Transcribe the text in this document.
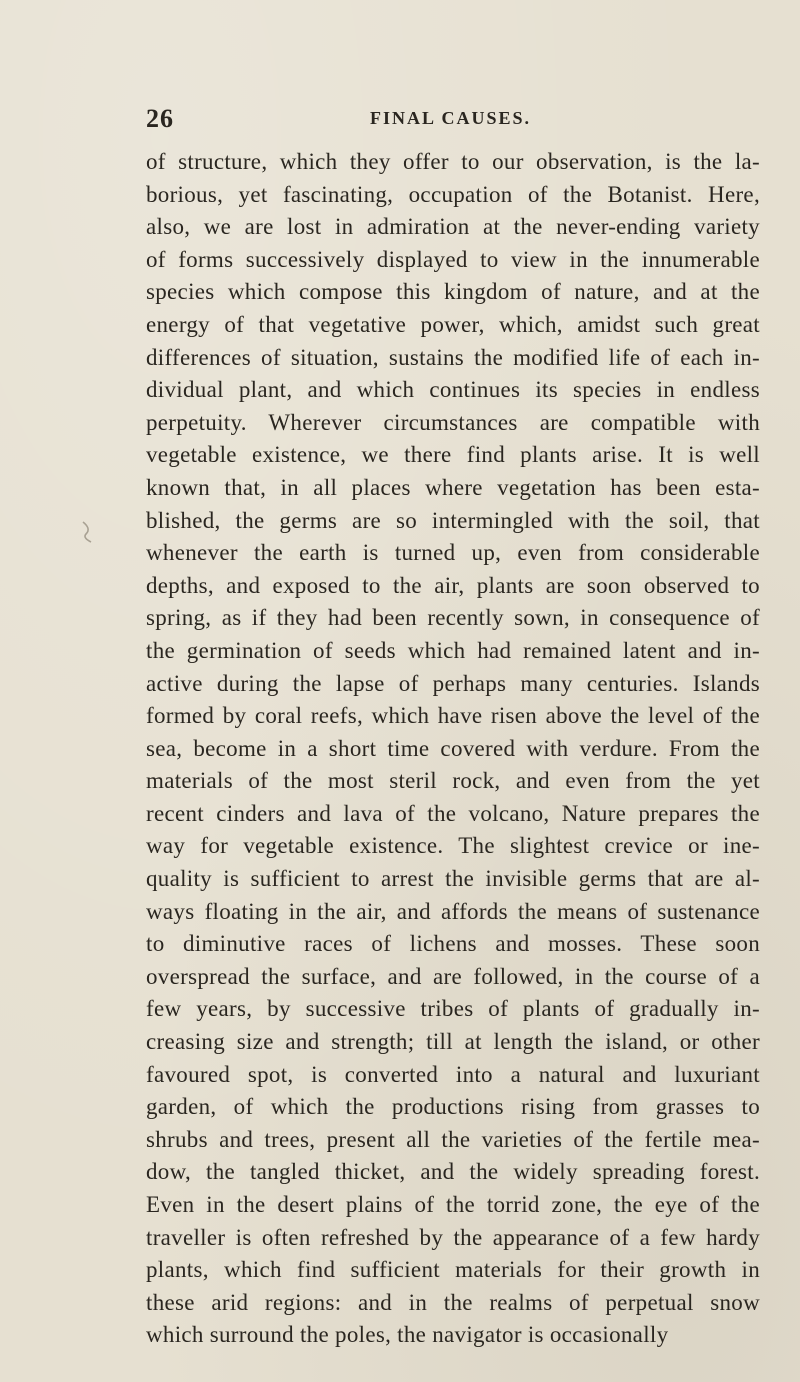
26	FINAL CAUSES.
of structure, which they offer to our observation, is the la-
borious, yet fascinating, occupation of the Botanist. Here,
also, we are lost in admiration at the never-ending variety
of forms successively displayed to view in the innumerable
species which compose this kingdom of nature, and at the
energy of that vegetative power, which, amidst such great
differences of situation, sustains the modified life of each in-
dividual plant, and which continues its species in endless
perpetuity. Wherever circumstances are compatible with
vegetable existence, we there find plants arise. It is well
known that, in all places where vegetation has been esta-
blished, the germs are so intermingled with the soil, that
whenever the earth is turned up, even from considerable
depths, and exposed to the air, plants are soon observed to
spring, as if they had been recently sown, in consequence of
the germination of seeds which had remained latent and in-
active during the lapse of perhaps many centuries. Islands
formed by coral reefs, which have risen above the level of the
sea, become in a short time covered with verdure. From the
materials of the most steril rock, and even from the yet
recent cinders and lava of the volcano, Nature prepares the
way for vegetable existence. The slightest crevice or ine-
quality is sufficient to arrest the invisible germs that are al-
ways floating in the air, and affords the means of sustenance
to diminutive races of lichens and mosses. These soon
overspread the surface, and are followed, in the course of a
few years, by successive tribes of plants of gradually in-
creasing size and strength; till at length the island, or other
favoured spot, is converted into a natural and luxuriant
garden, of which the productions rising from grasses to
shrubs and trees, present all the varieties of the fertile mea-
dow, the tangled thicket, and the widely spreading forest.
Even in the desert plains of the torrid zone, the eye of the
traveller is often refreshed by the appearance of a few hardy
plants, which find sufficient materials for their growth in
these arid regions: and in the realms of perpetual snow
which surround the poles, the navigator is occasionally
